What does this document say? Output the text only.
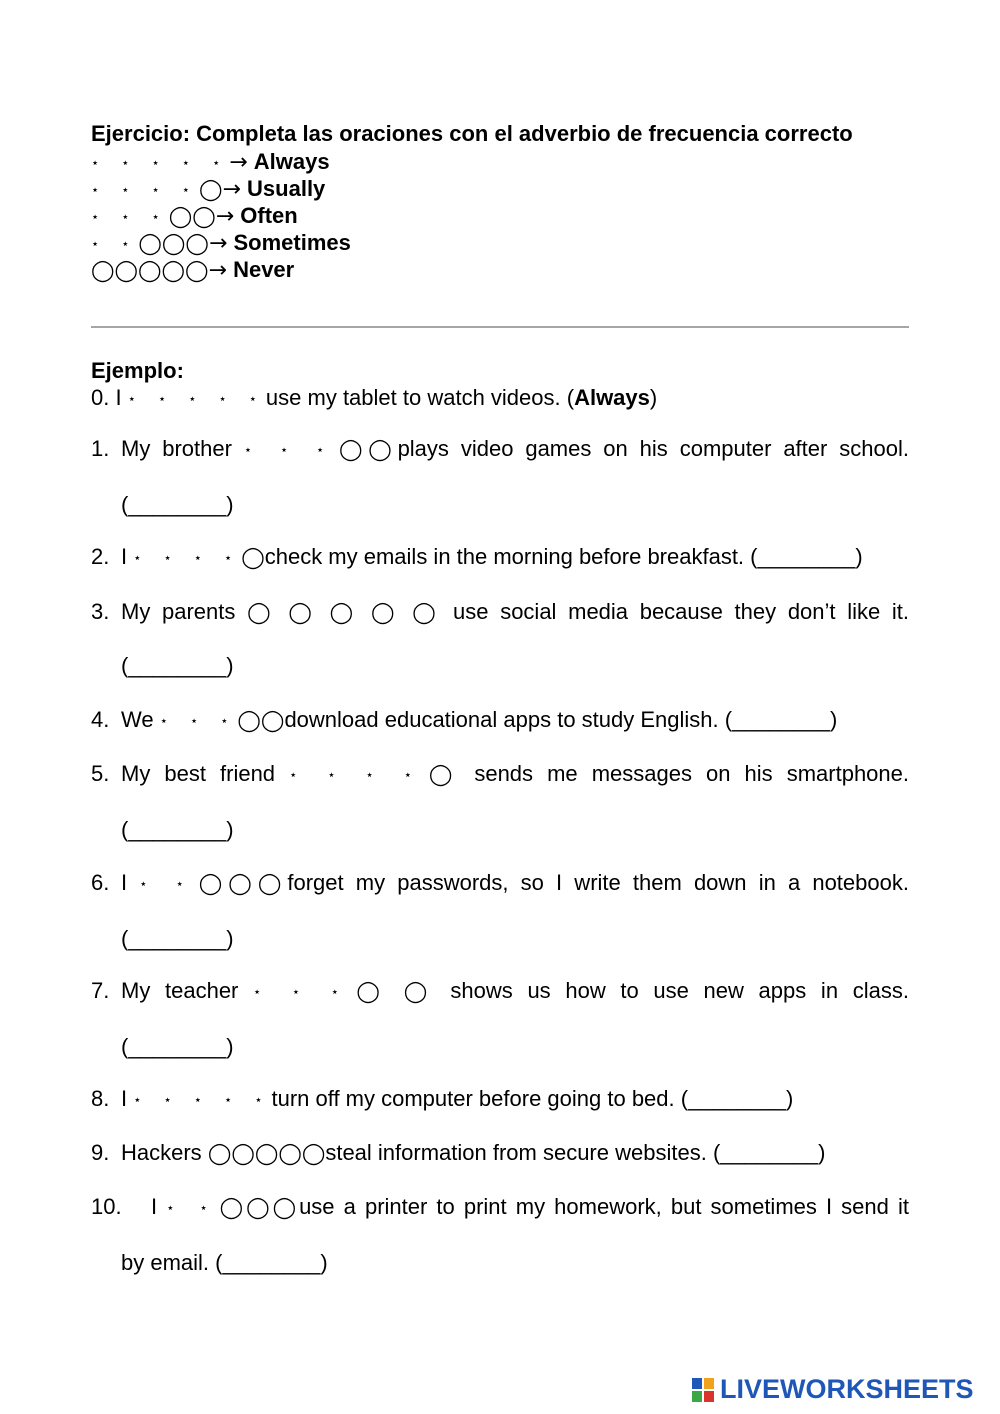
Ejercicio: Completa las oraciones con el adverbio de frecuencia correcto
⋆ ⋆ ⋆ ⋆ ⋆→ Always
⋆ ⋆ ⋆ ⋆◯→ Usually
⋆ ⋆ ⋆◯◯→ Often
⋆ ⋆◯◯◯→ Sometimes
◯◯◯◯◯→ Never
Ejemplo:
0. I ⋆ ⋆ ⋆ ⋆ ⋆use my tablet to watch videos. (Always)
1. My brother ⋆ ⋆ ⋆◯◯plays video games on his computer after school.
(________)
2. I ⋆ ⋆ ⋆ ⋆◯check my emails in the morning before breakfast. (________)
3. My parents ◯ ◯ ◯ ◯ ◯ use social media because they don’t like it.
(________)
4. We ⋆ ⋆ ⋆◯◯download educational apps to study English. (________)
5. My best friend ⋆ ⋆ ⋆ ⋆◯ sends me messages on his smartphone.
(________)
6. I ⋆ ⋆◯◯◯forget my passwords, so I write them down in a notebook.
(________)
7. My teacher ⋆ ⋆ ⋆◯ ◯ shows us how to use new apps in class.
(________)
8. I ⋆ ⋆ ⋆ ⋆ ⋆turn off my computer before going to bed. (________)
9. Hackers ◯◯◯◯◯steal information from secure websites. (________)
10. I ⋆ ⋆◯◯◯use a printer to print my homework, but sometimes I send it
by email. (________)
LIVEWORKSHEETS
